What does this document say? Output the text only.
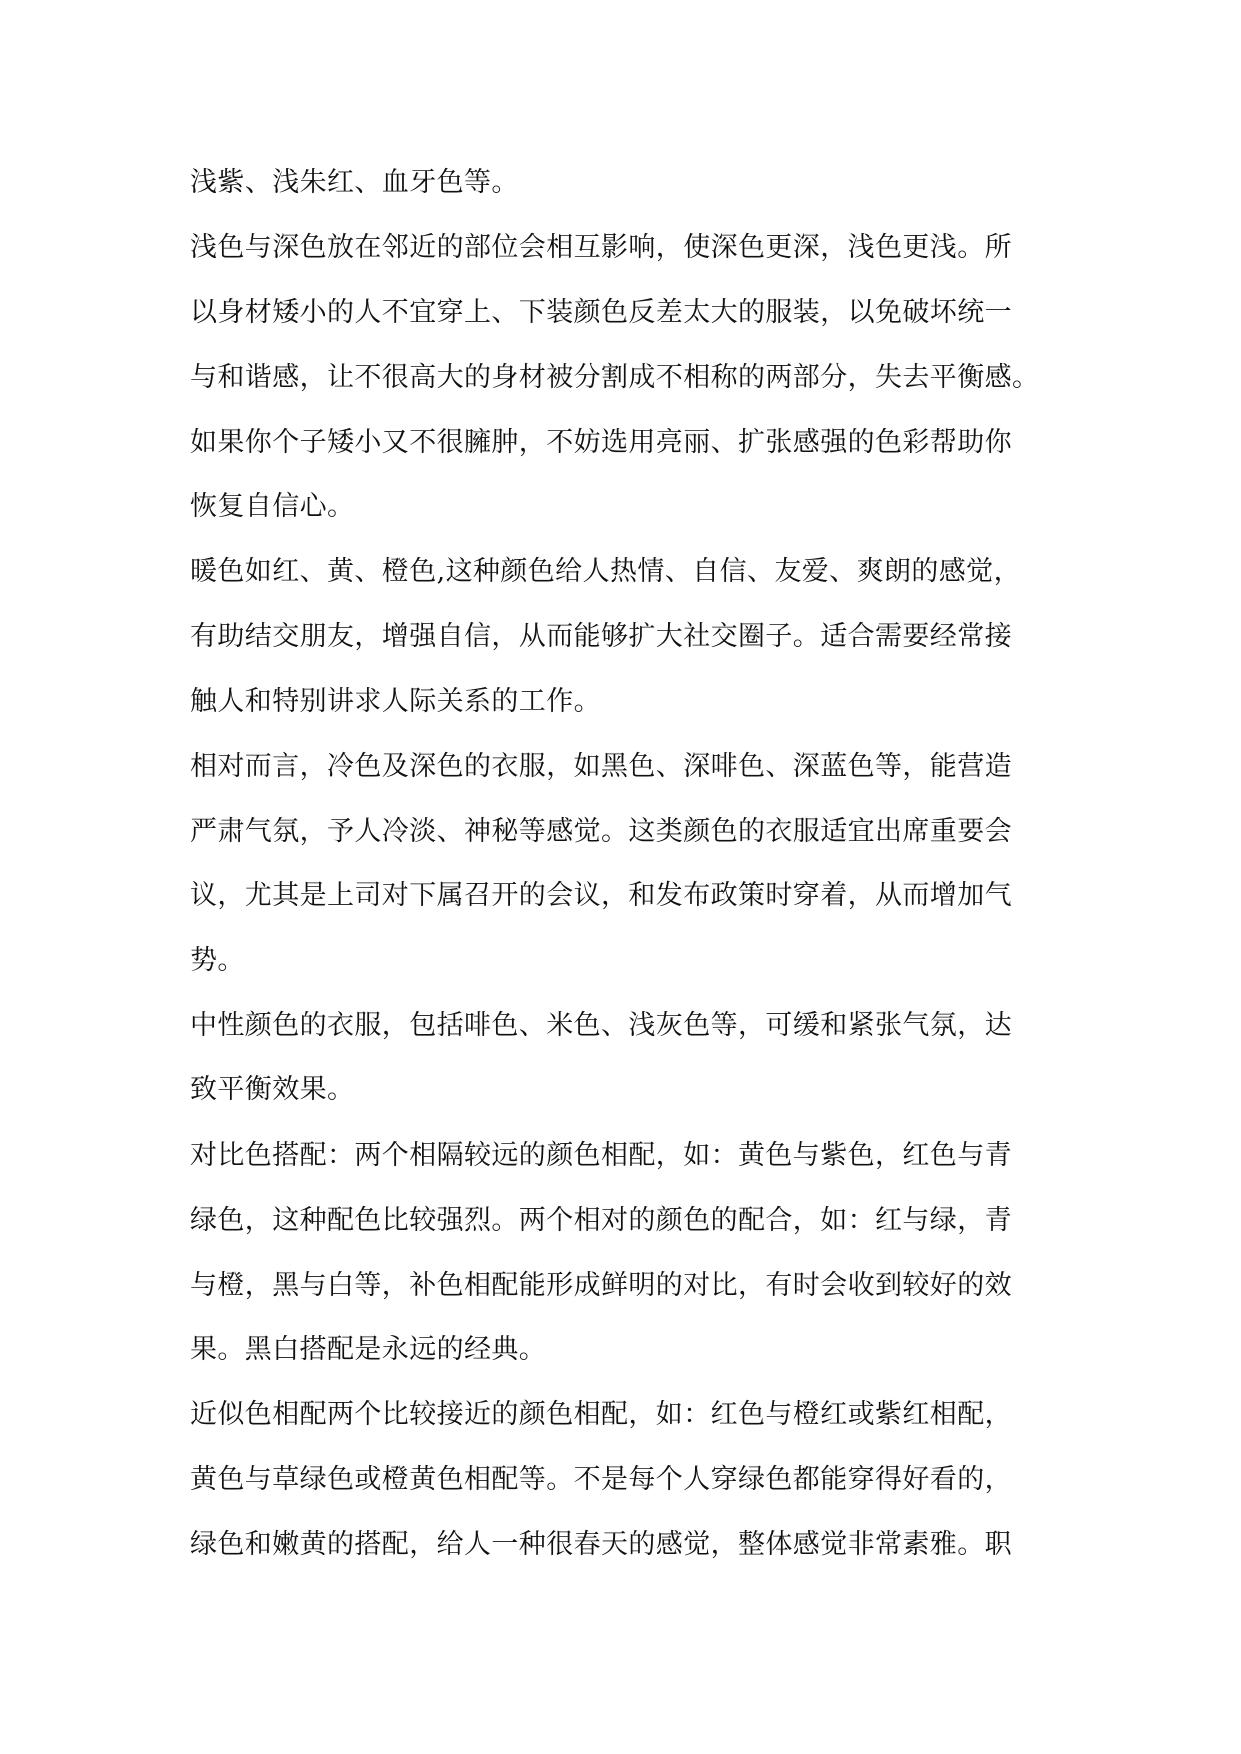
浅紫、浅朱红、血牙色等。
浅色与深色放在邻近的部位会相互影响，使深色更深，浅色更浅。所
以身材矮小的人不宜穿上、下装颜色反差太大的服装，以免破坏统一
与和谐感，让不很高大的身材被分割成不相称的两部分，失去平衡感。
如果你个子矮小又不很臃肿，不妨选用亮丽、扩张感强的色彩帮助你
恢复自信心。
暖色如红、黄、橙色,这种颜色给人热情、自信、友爱、爽朗的感觉，
有助结交朋友，增强自信，从而能够扩大社交圈子。适合需要经常接
触人和特别讲求人际关系的工作。
相对而言，冷色及深色的衣服，如黑色、深啡色、深蓝色等，能营造
严肃气氛，予人冷淡、神秘等感觉。这类颜色的衣服适宜出席重要会
议，尤其是上司对下属召开的会议，和发布政策时穿着，从而增加气
势。
中性颜色的衣服，包括啡色、米色、浅灰色等，可缓和紧张气氛，达
致平衡效果。
对比色搭配：两个相隔较远的颜色相配，如：黄色与紫色，红色与青
绿色，这种配色比较强烈。两个相对的颜色的配合，如：红与绿，青
与橙，黑与白等，补色相配能形成鲜明的对比，有时会收到较好的效
果。黑白搭配是永远的经典。
近似色相配两个比较接近的颜色相配，如：红色与橙红或紫红相配，
黄色与草绿色或橙黄色相配等。不是每个人穿绿色都能穿得好看的，
绿色和嫩黄的搭配，给人一种很春天的感觉，整体感觉非常素雅。职
